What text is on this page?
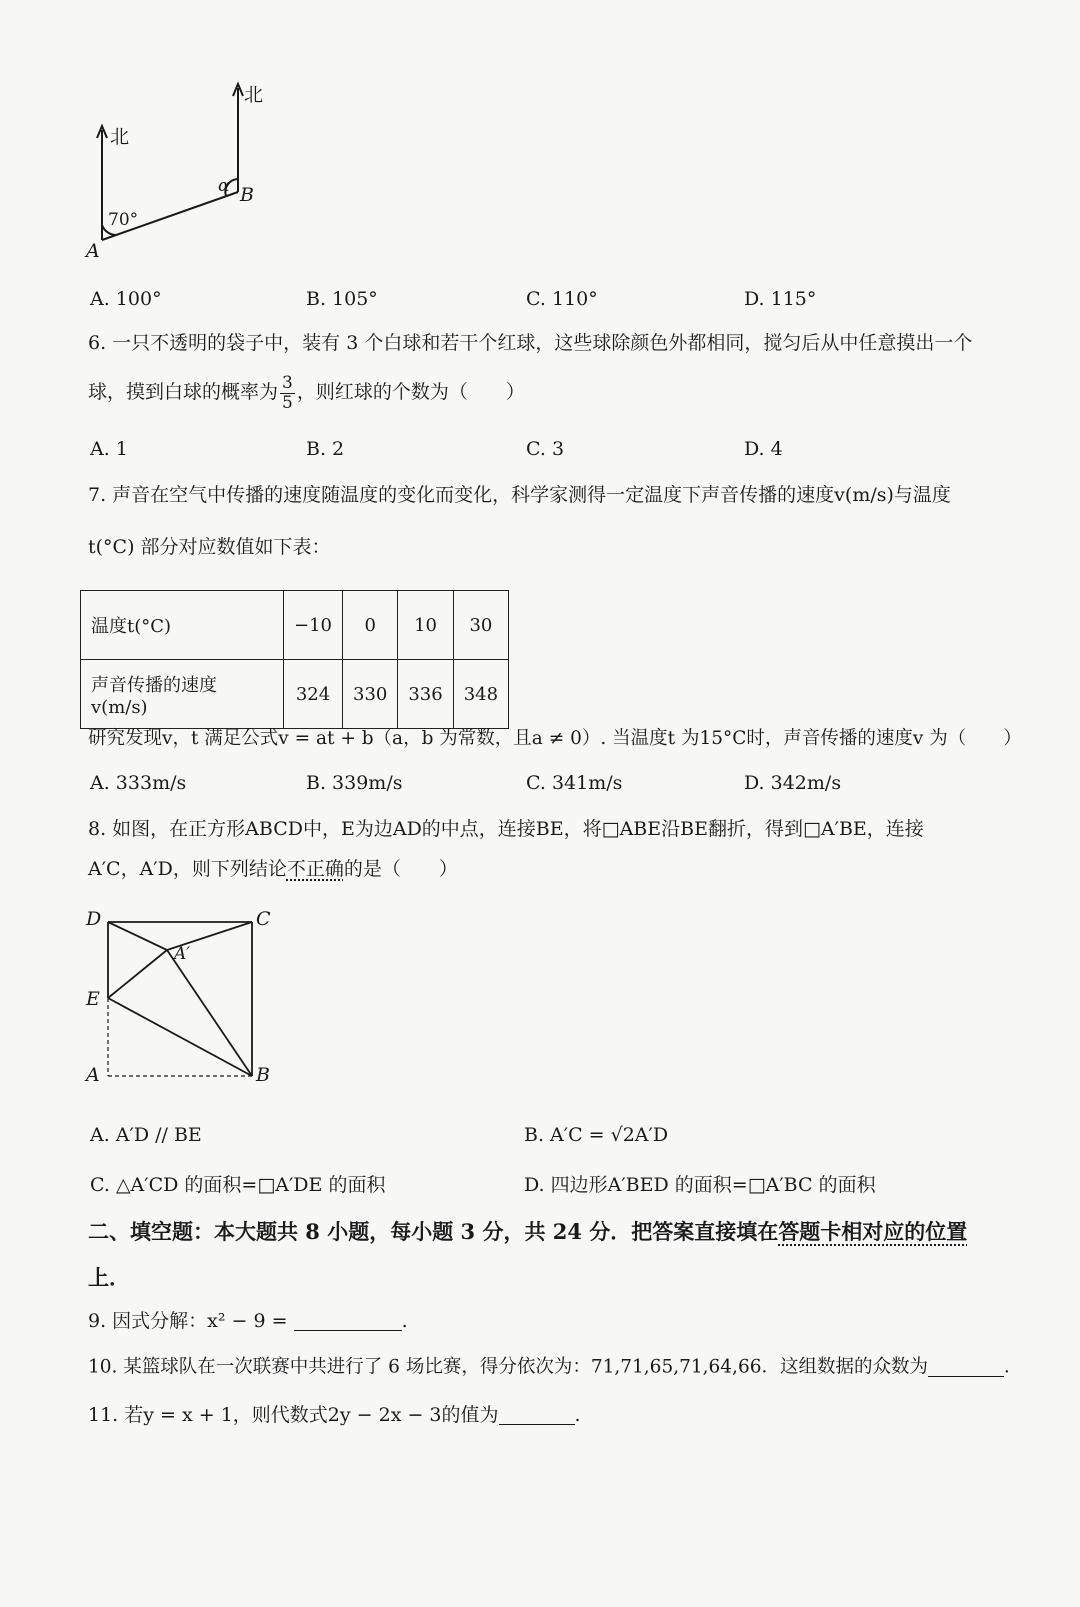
北
北
70°
α
A
B
A. 100°	B. 105°	C. 110°	D. 115°
6. 一只不透明的袋子中，装有 3 个白球和若干个红球，这些球除颜色外都相同，搅匀后从中任意摸出一个
球，摸到白球的概率为 $\frac{3}{5}$ ，则红球的个数为（　　）
A. 1	B. 2	C. 3	D. 4
7. 声音在空气中传播的速度随温度的变化而变化，科学家测得一定温度下声音传播的速度v(m/s)与温度
t(°C) 部分对应数值如下表：
温度t(°C)	−10	0	10	30
声音传播的速度v(m/s)	324	330	336	348
研究发现v，t 满足公式v = at + b（a，b 为常数，且a ≠ 0）. 当温度t 为15°C时，声音传播的速度v 为（　　）
A. 333m/s	B. 339m/s	C. 341m/s	D. 342m/s
8. 如图，在正方形ABCD中，E为边AD的中点，连接BE，将□ABE沿BE翻折，得到□A′BE，连接
A′C，A′D，则下列结论不正确的是（　　）
D	C
A′
E
A	B
A. A′D // BE	B. A′C = √2A′D
C. △A′CD 的面积=□A′DE 的面积	D. 四边形A′BED 的面积=□A′BC 的面积
二、填空题：本大题共 8 小题，每小题 3 分，共 24 分．把答案直接填在答题卡相对应的位置
上．
9. 因式分解：x² − 9 =	.
10. 某篮球队在一次联赛中共进行了 6 场比赛，得分依次为：71,71,65,71,64,66．这组数据的众数为	．
11. 若y = x + 1，则代数式2y − 2x − 3的值为	.
